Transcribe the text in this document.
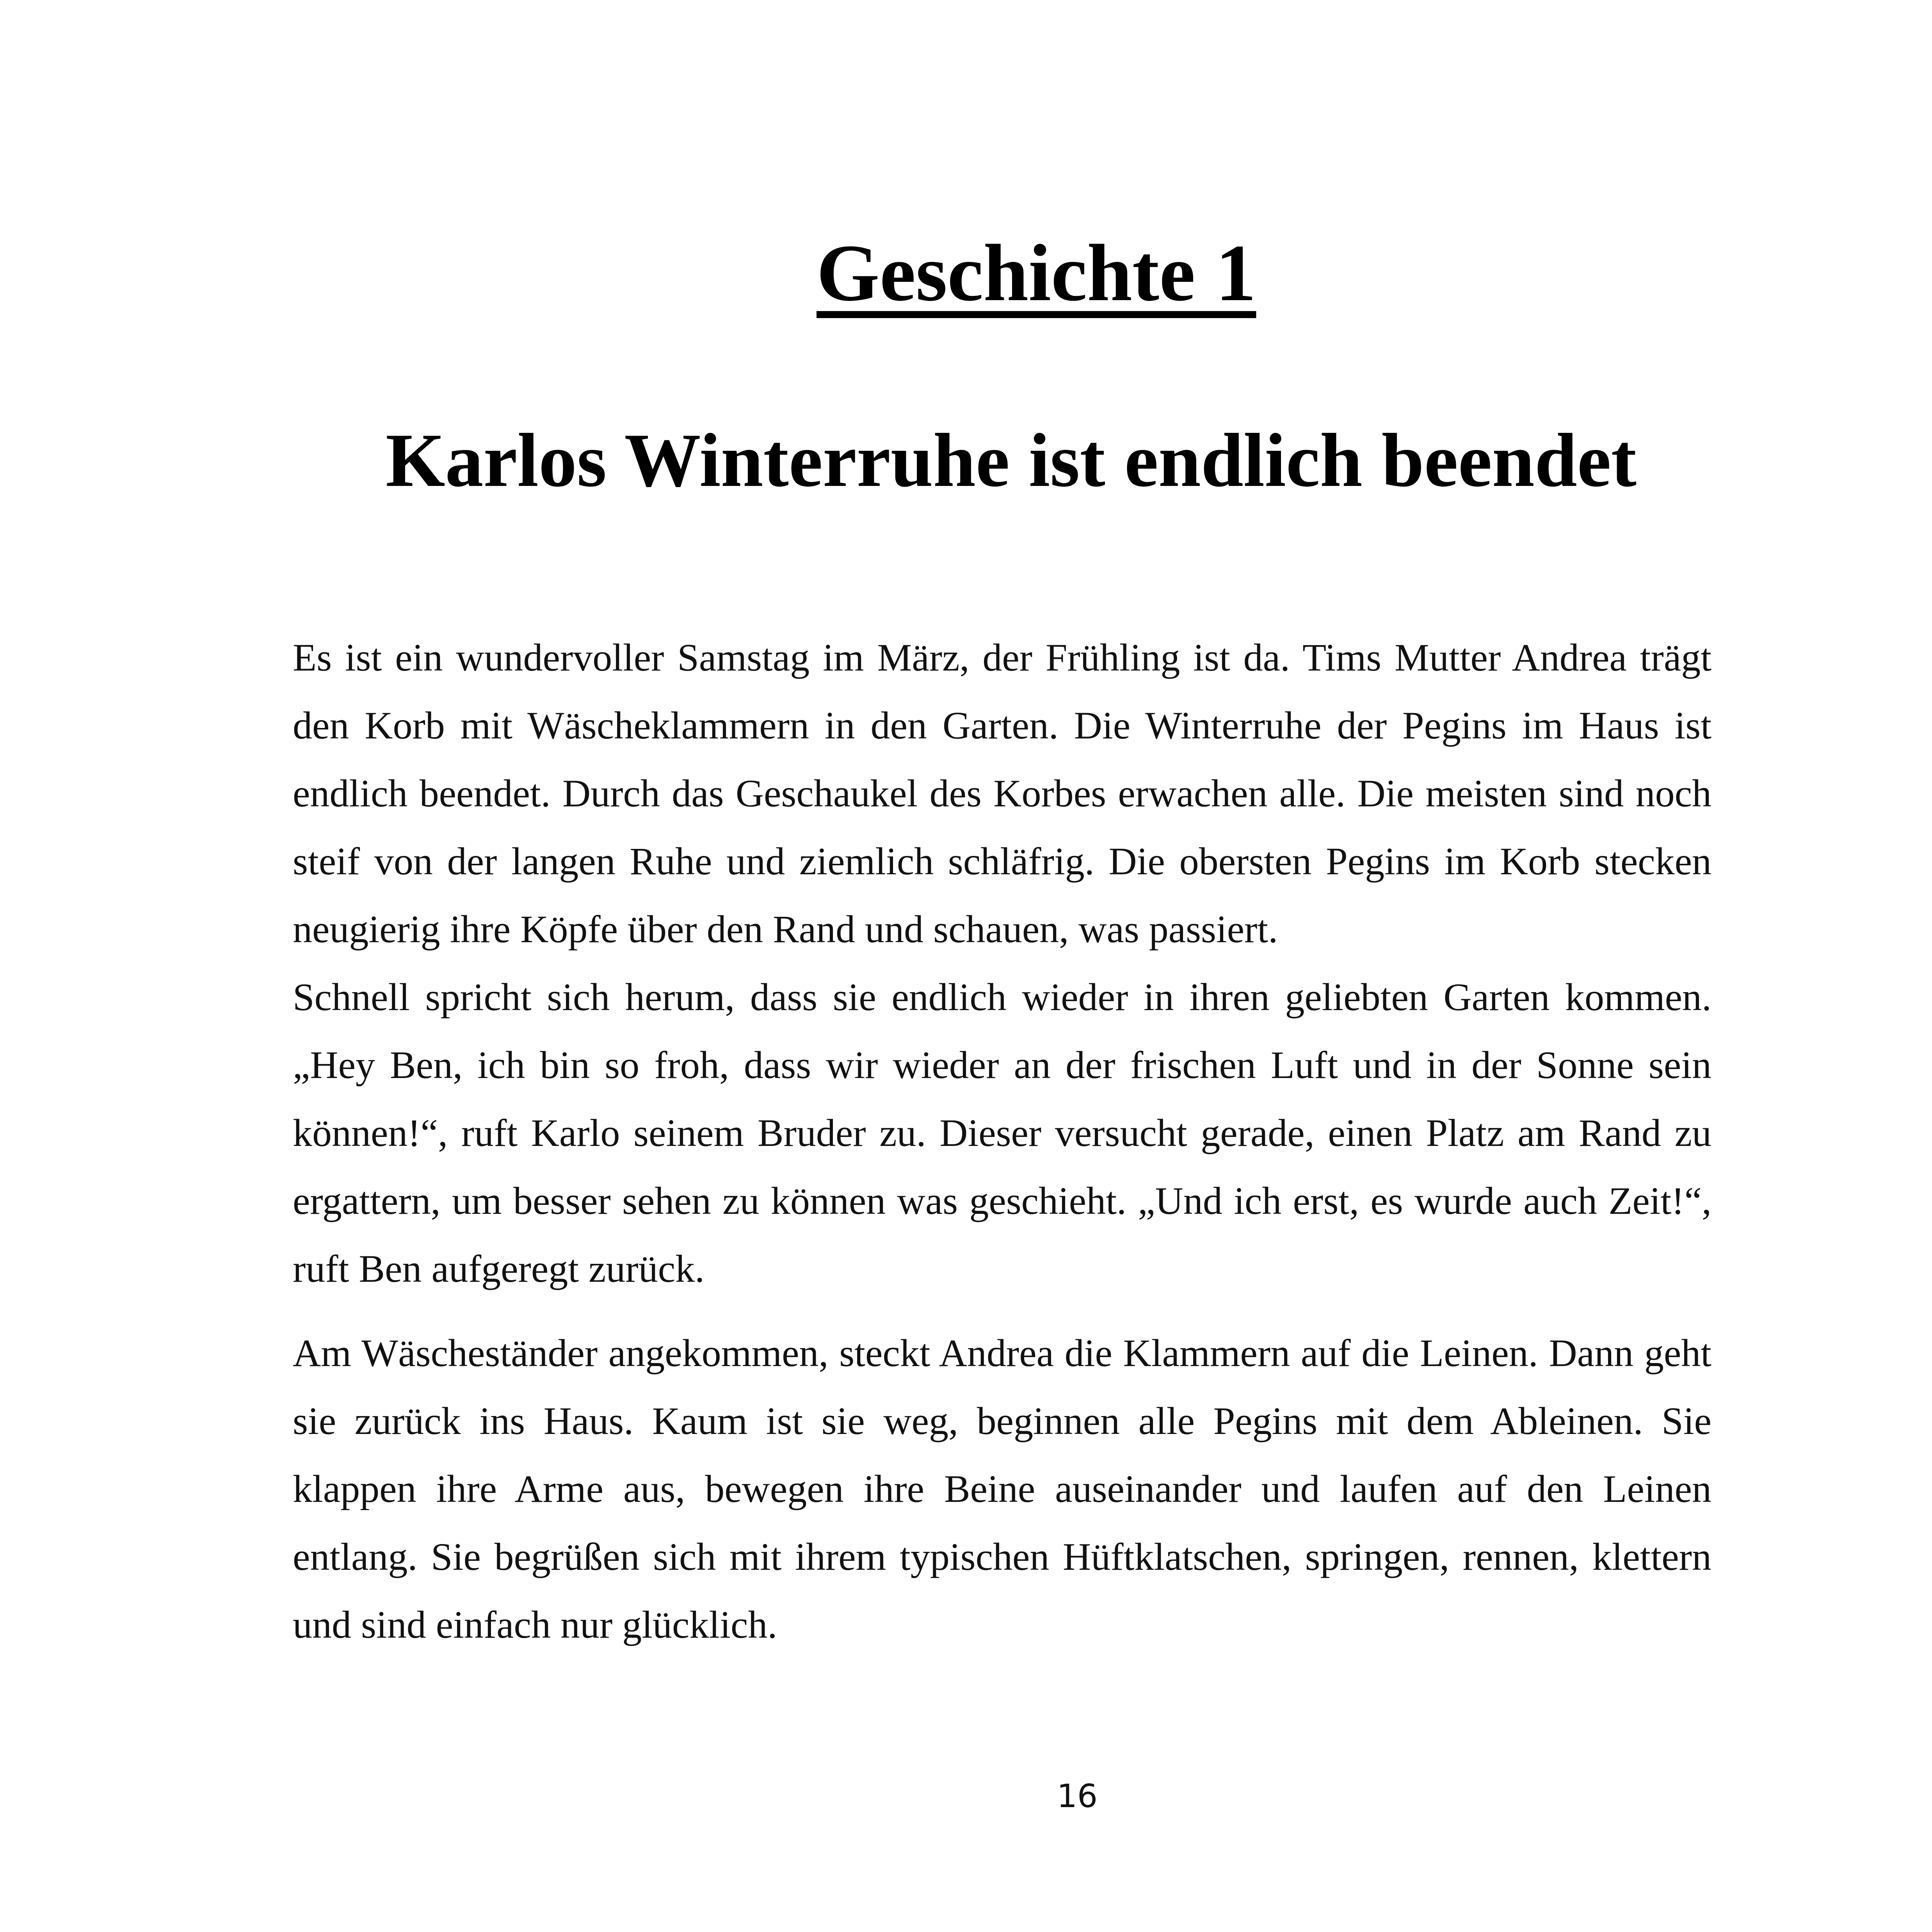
Geschichte 1
Karlos Winterruhe ist endlich beendet

Es ist ein wundervoller Samstag im März, der Frühling ist da. Tims Mutter Andrea trägt den Korb mit Wäscheklammern in den Garten. Die Winterruhe der Pegins im Haus ist endlich beendet. Durch das Geschaukel des Korbes erwachen alle. Die meisten sind noch steif von der langen Ruhe und ziemlich schläfrig. Die obersten Pegins im Korb stecken neugierig ihre Köpfe über den Rand und schauen, was passiert.

Schnell spricht sich herum, dass sie endlich wieder in ihren geliebten Garten kommen. „Hey Ben, ich bin so froh, dass wir wieder an der frischen Luft und in der Sonne sein können!“, ruft Karlo seinem Bruder zu. Dieser versucht gerade, einen Platz am Rand zu ergattern, um besser sehen zu können was geschieht. „Und ich erst, es wurde auch Zeit!“, ruft Ben aufgeregt zurück.

Am Wäscheständer angekommen, steckt Andrea die Klammern auf die Leinen. Dann geht sie zurück ins Haus. Kaum ist sie weg, beginnen alle Pegins mit dem Ableinen. Sie klappen ihre Arme aus, bewegen ihre Beine auseinander und laufen auf den Leinen entlang. Sie begrüßen sich mit ihrem typischen Hüftklatschen, springen, rennen, klettern und sind einfach nur glücklich.

16
